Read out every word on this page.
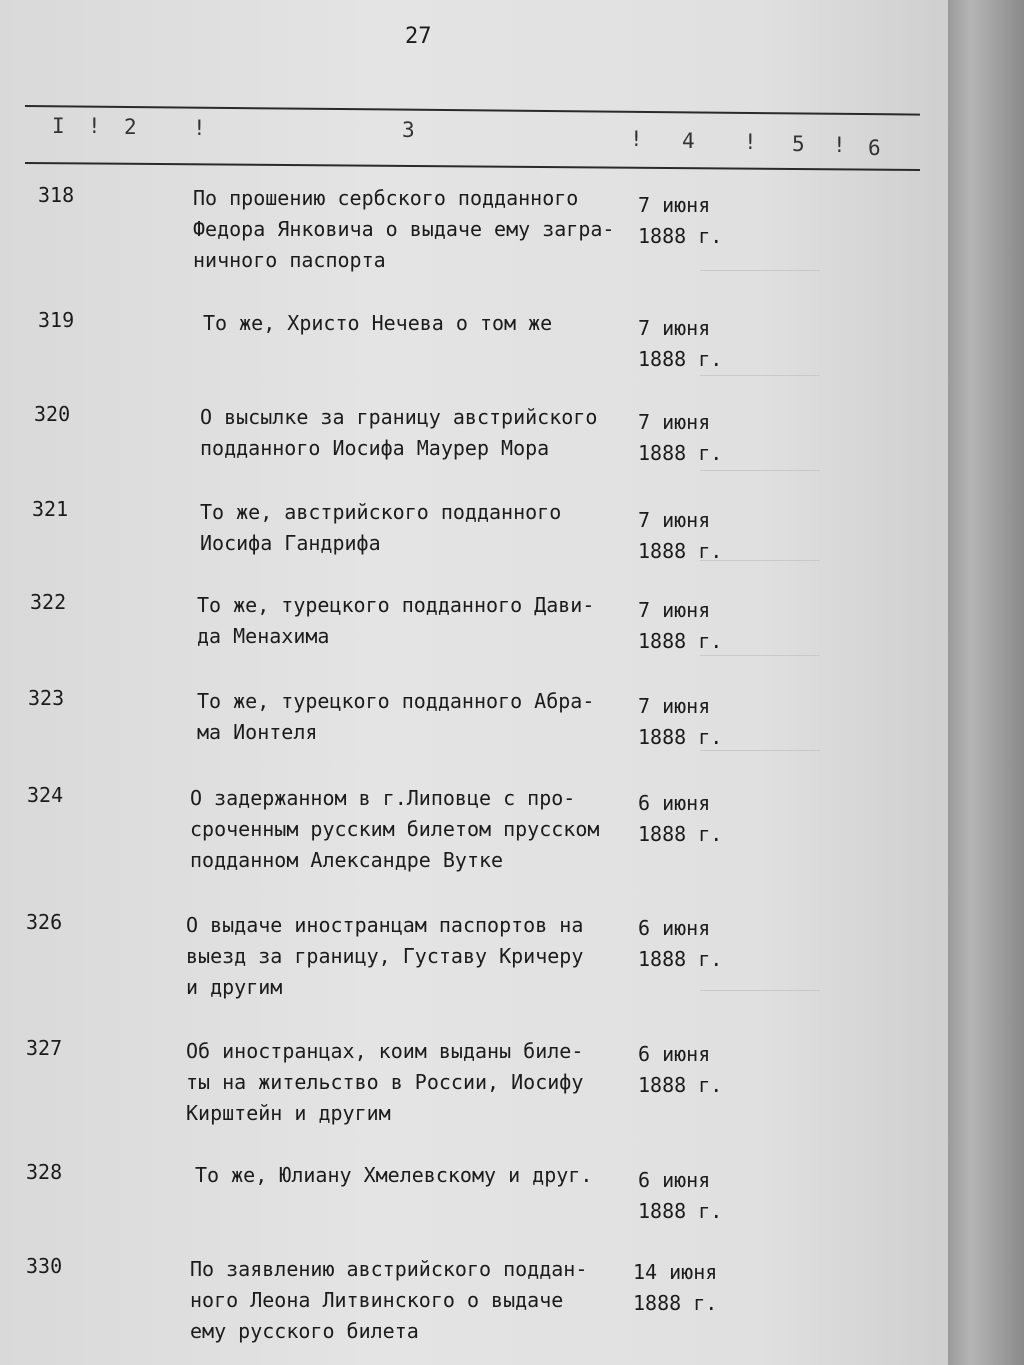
27
I ! 2	!	3	! 4 ! 5 ! 6
318	По прошению сербского подданного
Федора Янковича о выдаче ему загра-
ничного паспорта
7 июня
1888 г.
319	То же, Христо Нечева о том же	7 июня
1888 г.
320	О высылке за границу австрийского
подданного Иосифа Маурер Мора
7 июня
1888 г.
321	То же, австрийского подданного
Иосифа Гандрифа
7 июня
1888 г.
322	То же, турецкого подданного Дави-
да Менахима
7 июня
1888 г.
323	То же, турецкого подданного Абра-
ма Ионтеля
7 июня
1888 г.
324	О задержанном в г.Липовце с про-
сроченным русским билетом прусском
подданном Александре Вутке
6 июня
1888 г.
326	О выдаче иностранцам паспортов на
выезд за границу, Густаву Кричеру
и другим
6 июня
1888 г.
327	Об иностранцах, коим выданы биле-
ты на жительство в России, Иосифу
Кирштейн и другим
6 июня
1888 г.
328	То же, Юлиану Хмелевскому и друг.	6 июня
1888 г.
330	По заявлению австрийского поддан-
ного Леона Литвинского о выдаче
ему русского билета
14 июня
1888 г.
